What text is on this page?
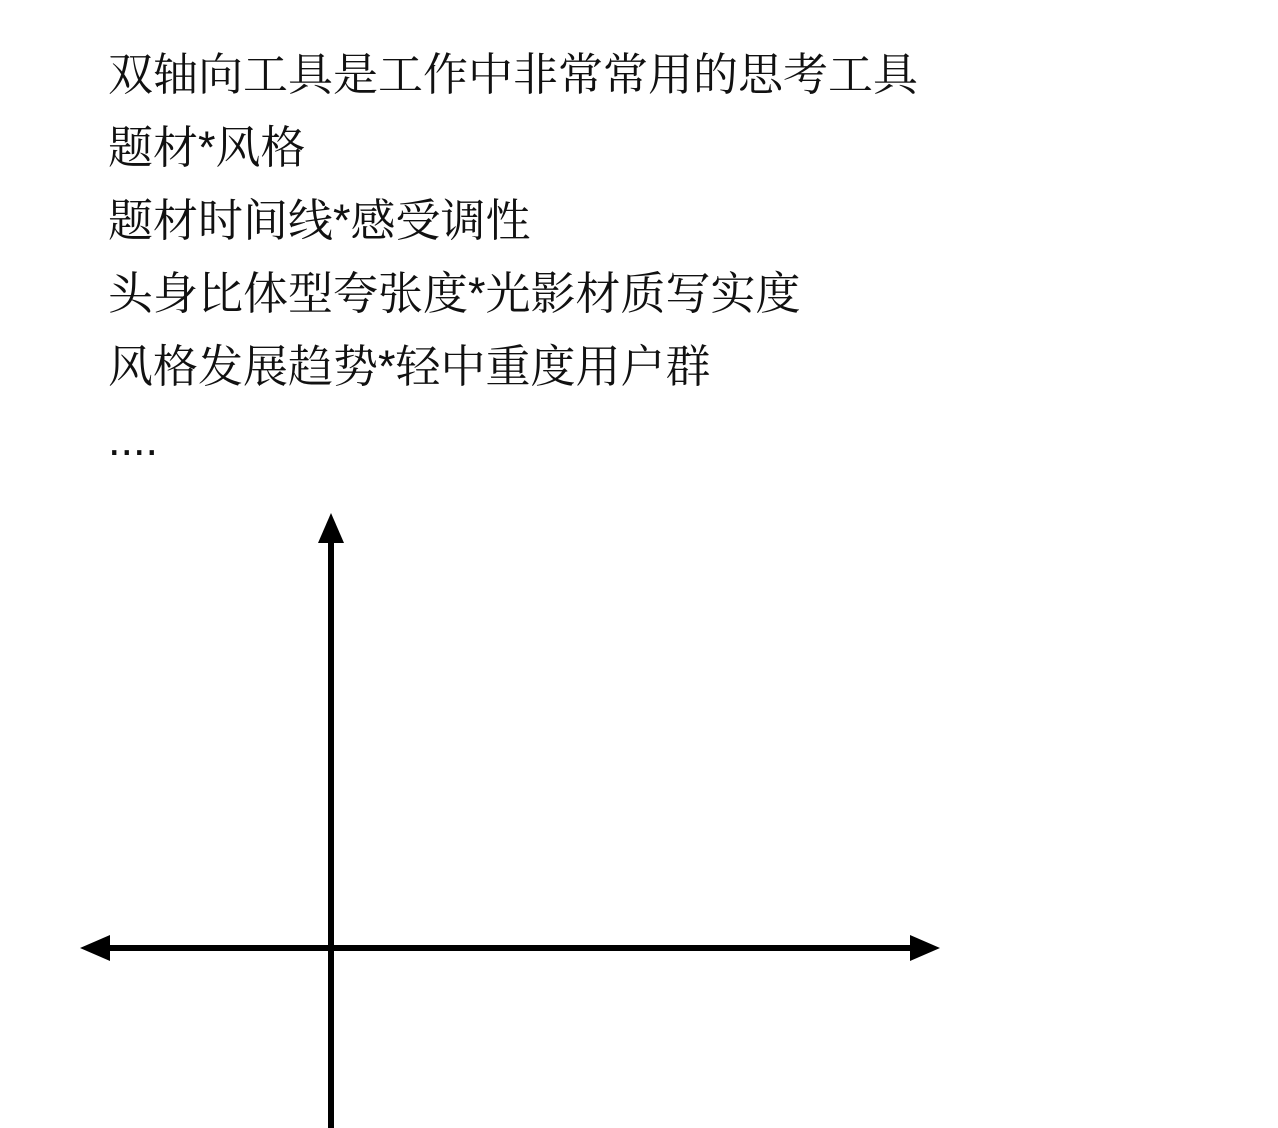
双轴向工具是工作中非常常用的思考工具
题材*风格
题材时间线*感受调性
头身比体型夸张度*光影材质写实度
风格发展趋势*轻中重度用户群
....
